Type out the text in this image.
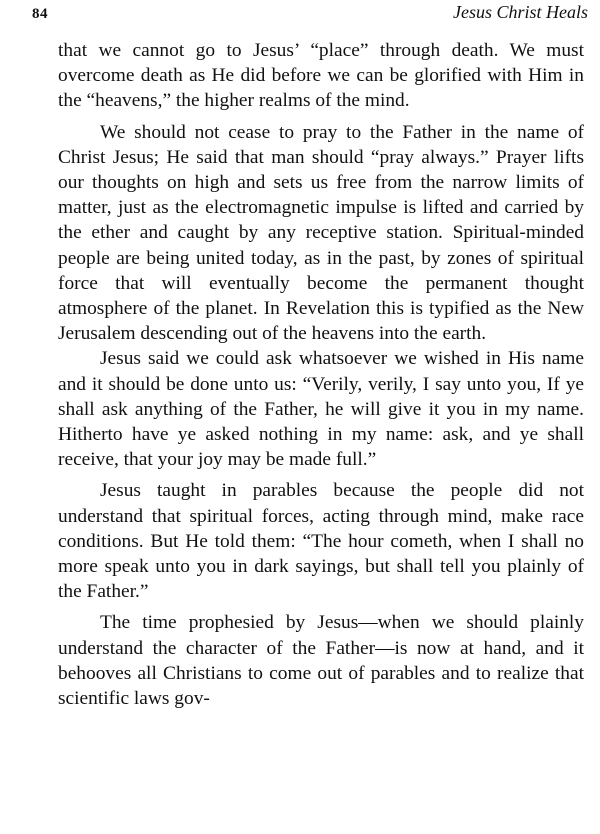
84	Jesus Christ Heals

that we cannot go to Jesus’ “place” through death. We must overcome death as He did before we can be glorified with Him in the “heavens,” the higher realms of the mind.

We should not cease to pray to the Father in the name of Christ Jesus; He said that man should “pray always.” Prayer lifts our thoughts on high and sets us free from the narrow limits of matter, just as the electromagnetic impulse is lifted and carried by the ether and caught by any receptive station. Spiritual-minded people are being united today, as in the past, by zones of spiritual force that will eventually become the permanent thought atmosphere of the planet. In Revelation this is typified as the New Jerusalem descending out of the heavens into the earth.

Jesus said we could ask whatsoever we wished in His name and it should be done unto us: “Verily, verily, I say unto you, If ye shall ask anything of the Father, he will give it you in my name. Hitherto have ye asked nothing in my name: ask, and ye shall receive, that your joy may be made full.”

Jesus taught in parables because the people did not understand that spiritual forces, acting through mind, make race conditions. But He told them: “The hour cometh, when I shall no more speak unto you in dark sayings, but shall tell you plainly of the Father.”

The time prophesied by Jesus—when we should plainly understand the character of the Father—is now at hand, and it behooves all Christians to come out of parables and to realize that scientific laws gov-
